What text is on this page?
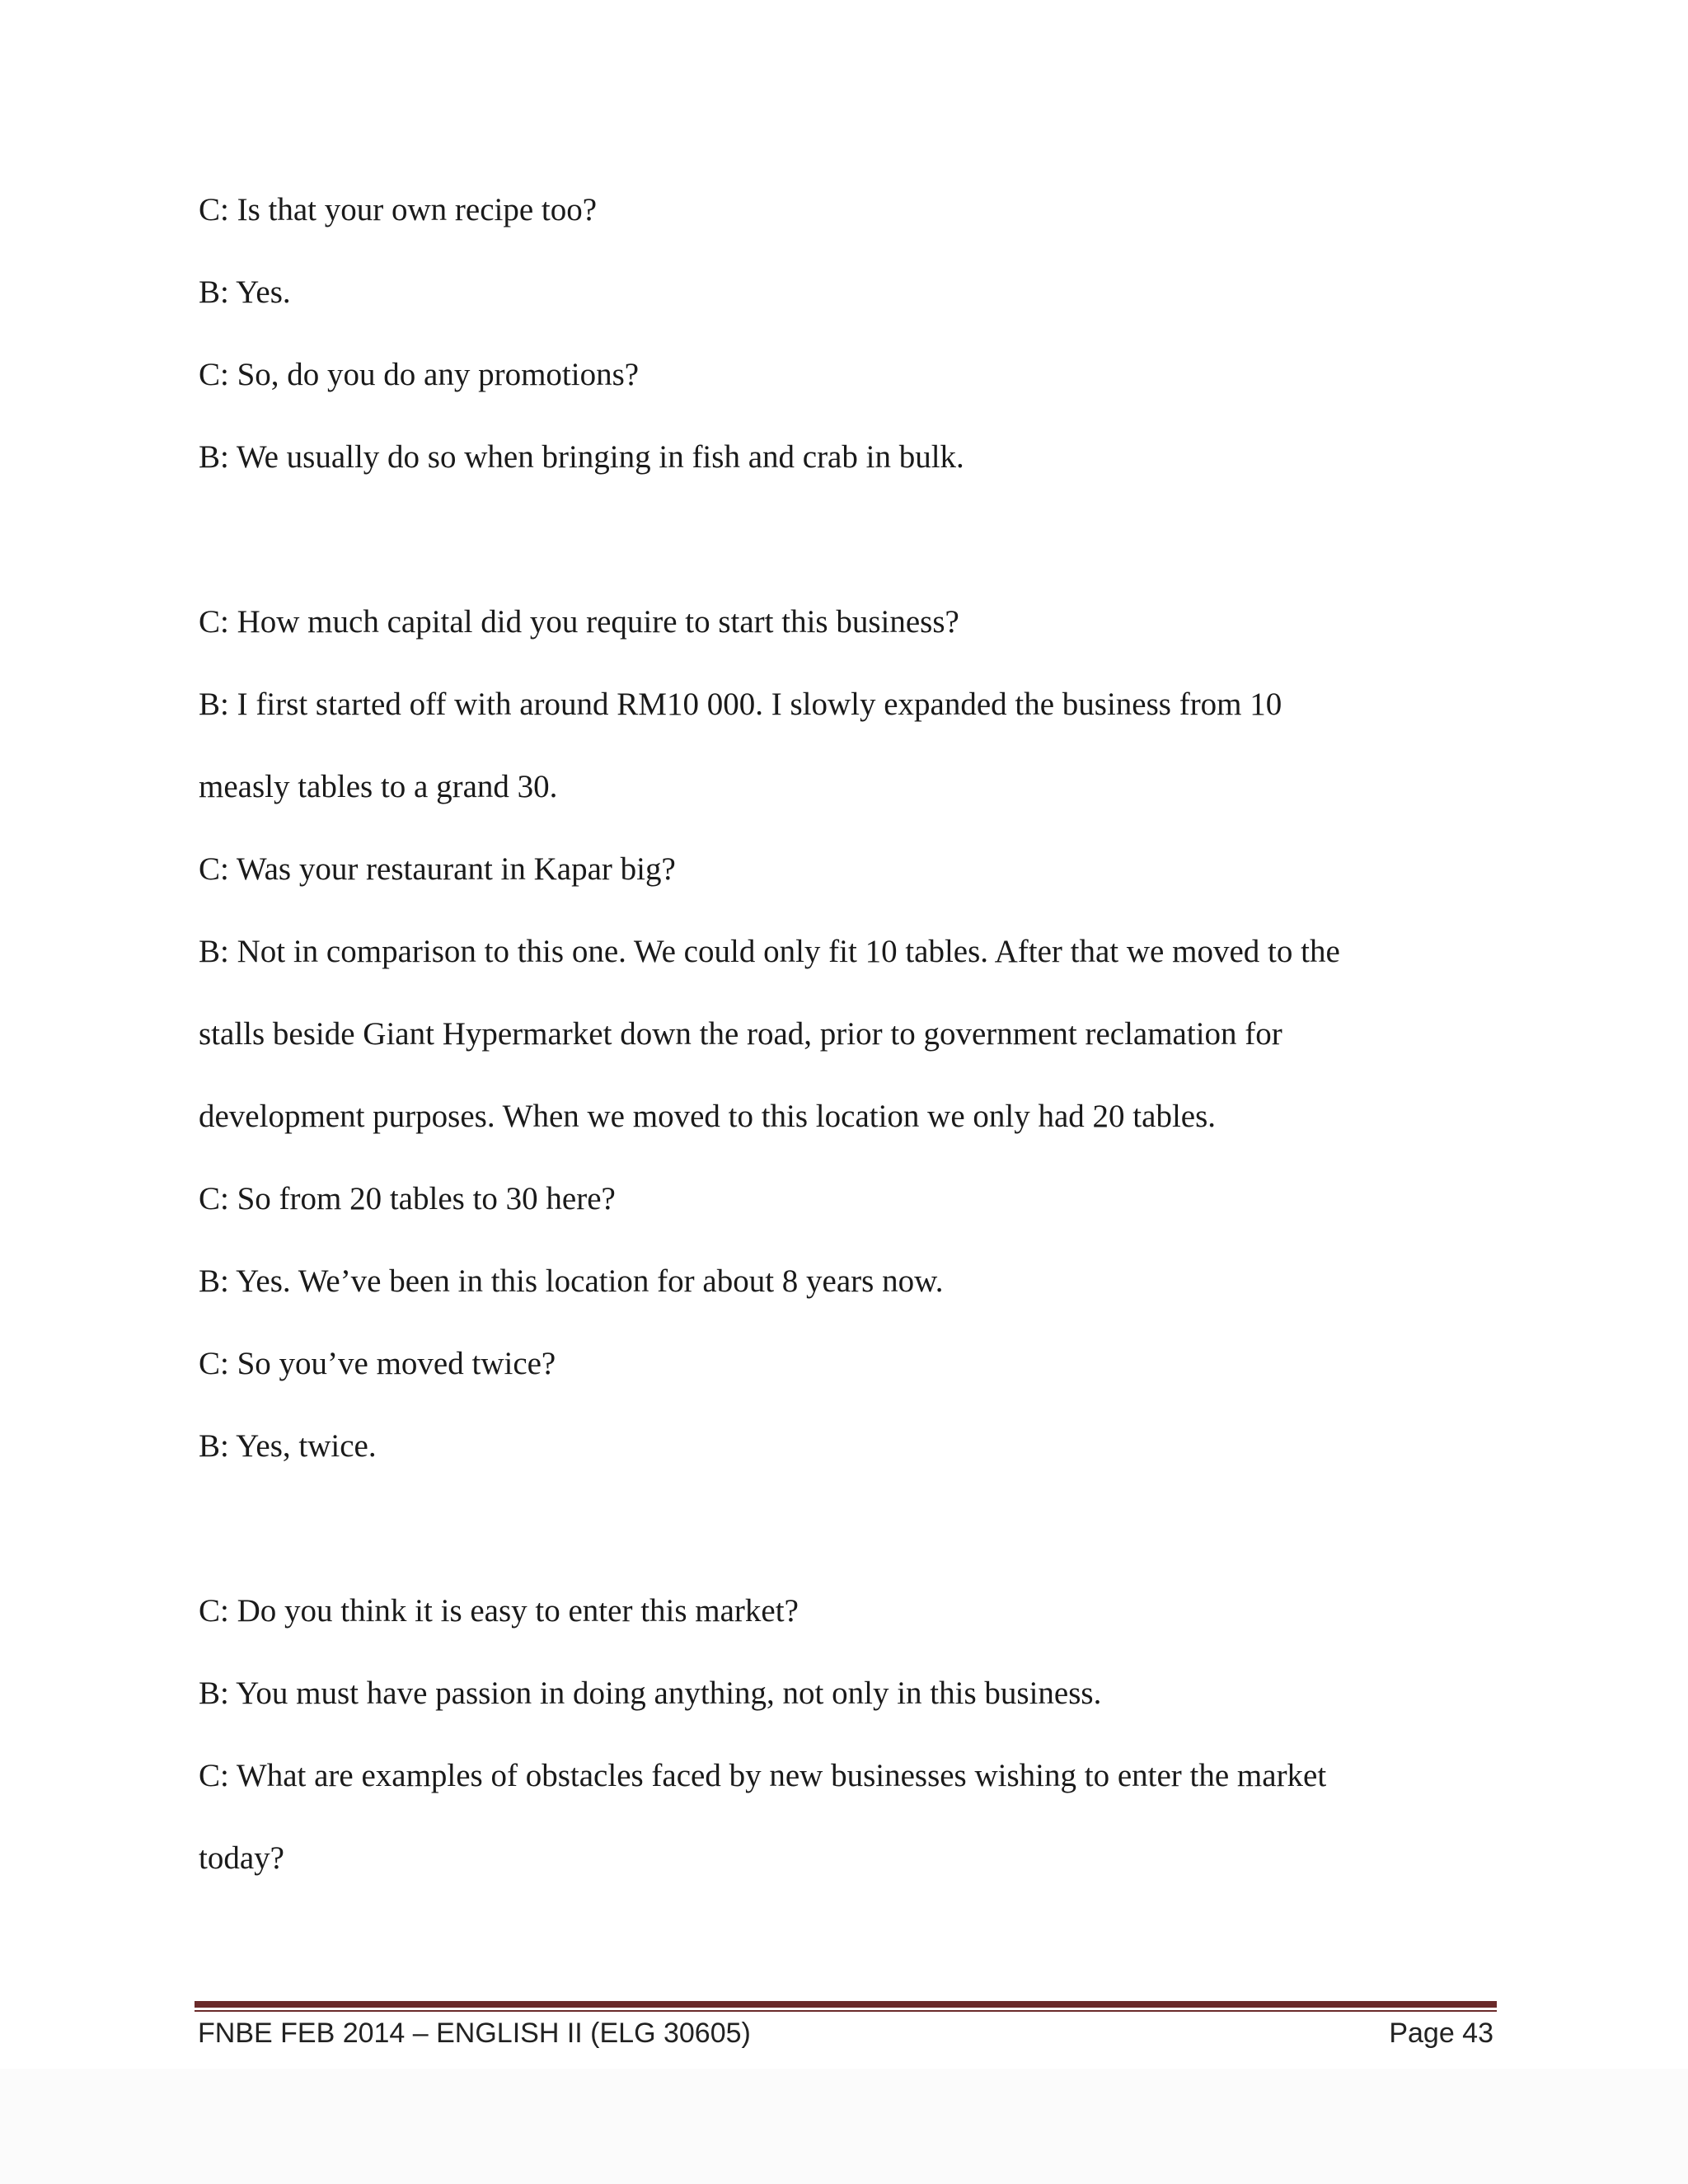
C: Is that your own recipe too?
B: Yes.
C: So, do you do any promotions?
B: We usually do so when bringing in fish and crab in bulk.
C: How much capital did you require to start this business?
B: I first started off with around RM10 000. I slowly expanded the business from 10
measly tables to a grand 30.
C: Was your restaurant in Kapar big?
B: Not in comparison to this one. We could only fit 10 tables. After that we moved to the
stalls beside Giant Hypermarket down the road, prior to government reclamation for
development purposes. When we moved to this location we only had 20 tables.
C: So from 20 tables to 30 here?
B: Yes. We’ve been in this location for about 8 years now.
C: So you’ve moved twice?
B: Yes, twice.
C: Do you think it is easy to enter this market?
B: You must have passion in doing anything, not only in this business.
C: What are examples of obstacles faced by new businesses wishing to enter the market
today?
FNBE FEB 2014 – ENGLISH II (ELG 30605)	Page 43
